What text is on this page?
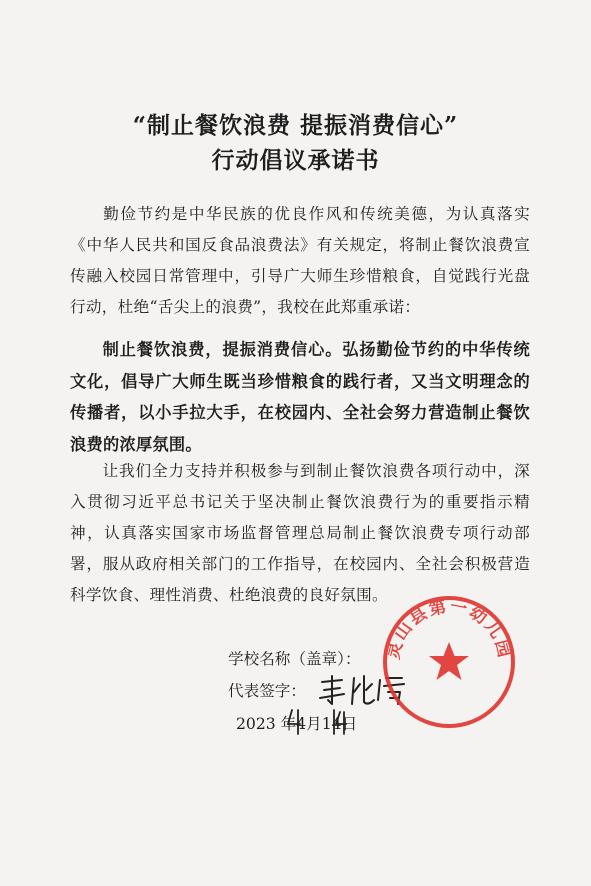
“制止餐饮浪费 提振消费信心”
行动倡议承诺书

勤俭节约是中华民族的优良作风和传统美德，为认真落实《中华人民共和国反食品浪费法》有关规定，将制止餐饮浪费宣传融入校园日常管理中，引导广大师生珍惜粮食，自觉践行光盘行动，杜绝“舌尖上的浪费”，我校在此郑重承诺：

制止餐饮浪费，提振消费信心。弘扬勤俭节约的中华传统文化，倡导广大师生既当珍惜粮食的践行者，又当文明理念的传播者，以小手拉大手，在校园内、全社会努力营造制止餐饮浪费的浓厚氛围。

让我们全力支持并积极参与到制止餐饮浪费各项行动中，深入贯彻习近平总书记关于坚决制止餐饮浪费行为的重要指示精神，认真落实国家市场监督管理总局制止餐饮浪费专项行动部署，服从政府相关部门的工作指导，在校园内、全社会积极营造科学饮食、理性消费、杜绝浪费的良好氛围。

学校名称（盖章）：
代表签字：
2023 年4月14日
灵山县第一幼儿园
